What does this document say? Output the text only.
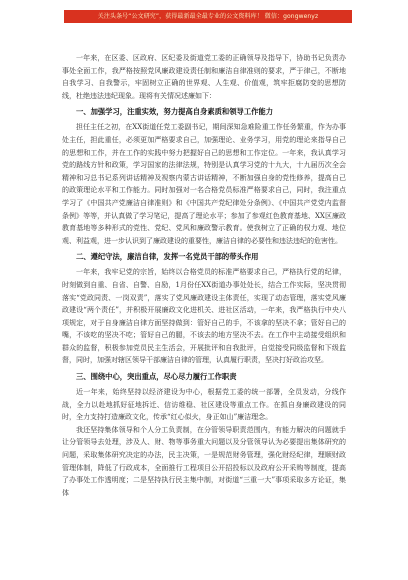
关注头条号“公文研究”，获得最新最全最专业的公文资料库！ 微信：gongwenyz

一年来，在区委、区政府、区纪委及街道党工委的正确领导及指导下，协助书记负责办事处全面工作，我严格按照党风廉政建设责任制和廉洁自律准则的要求，严于律己，不断地自我学习、自我警示，牢固树立正确的世界观、人生观、价值观，筑牢拒腐防变的思想防线，杜绝违法违纪现象。现将有关情况述廉如下：

一、加强学习，注重实效，努力提高自身素质和领导工作能力

担任主任之初，在XX街道任党工委副书记，期间深知急难险重工作任务繁重，作为办事处主任，担此重任，必须更加严格要求自己，加强理论、业务学习，用党的理论来指导自己的思想和工作，并在工作的实践中努力把握好自己的思想和工作定位。一年来，我认真学习党的路线方针和政策，学习国家的法律法规，特别是认真学习党的十九大，十九届历次全会精神和习总书记系列讲话精神及视察内蒙古讲话精神，不断加强自身的党性修养，提高自己的政策理论水平和工作能力。同时加强对一名合格党员标准严格要求自己，同时，我注重点学习了《中国共产党廉洁自律准则》和《中国共产党纪律处分条例》、《中国共产党党内监督条例》等等，并认真做了学习笔记，提高了理论水平；参加了参观红色教育基地、XX区廉政教育基地等多种形式的党性、党纪、党风和廉政警示教育。使我树立了正确的权力观、地位观、利益观，进一步认识到了廉政建设的重要性，廉洁自律的必要性和违法违纪的危害性。

二、遵纪守法，廉洁自律，发挥一名党员干部的带头作用

一年来，我牢记党的宗旨，始终以合格党员的标准严格要求自己，严格执行党的纪律，时刻做到自重、自省、自警、自励，1月份任XX街道办事处处长，结合工作实际，坚决贯彻落实“党政同责、一岗双责”，落实了党风廉政建设主体责任，实现了动态管理，落实党风廉政建设“两个责任”，并积极开展廉政文化进机关、进社区活动，一年来，我严格执行中央八项规定，对于自身廉洁自律方面坚持做到：管好自己的手，不该拿的坚决不拿；管好自己的嘴，不该吃的坚决不吃；管好自己的腿，不该去的地方坚决不去。在工作中主动接受组织和群众的监督，积极参加党员民主生活会，开展批评和自我批评，自觉接受同级监督和下级监督，同时，加强对辖区领导干部廉洁自律的管理，认真履行职责，坚决打好政治攻坚。

三、围绕中心，突出重点，尽心尽力履行工作职责

近一年来，始终坚持以经济建设为中心，根据党工委的统一部署，全员发动，分线作战，全力以赴地抓好征地拆迁、信访维稳、社区建设等重点工作。在抓自身廉政建设的同时，全力支持打造廉政文化，传承“红心似火，身正如山”廉洁理念。

我还坚持集体领导和个人分工负责制，在分管领导职责范围内，有能力解决的问题就手让分管领导去处理，涉及人、财、物等事务重大问题以及分管领导认为必要提出集体研究的问题，采取集体研究决定的办法，民主决策，一是规范财务管理，强化财经纪律，理顺财政管理体制，降低了行政成本，全面推行工程项目公开招投标以及政府公开采购等制度，提高了办事处工作透明度；二是坚持执行民主集中制，对街道“三重一大”事项采取多方论证，集体
